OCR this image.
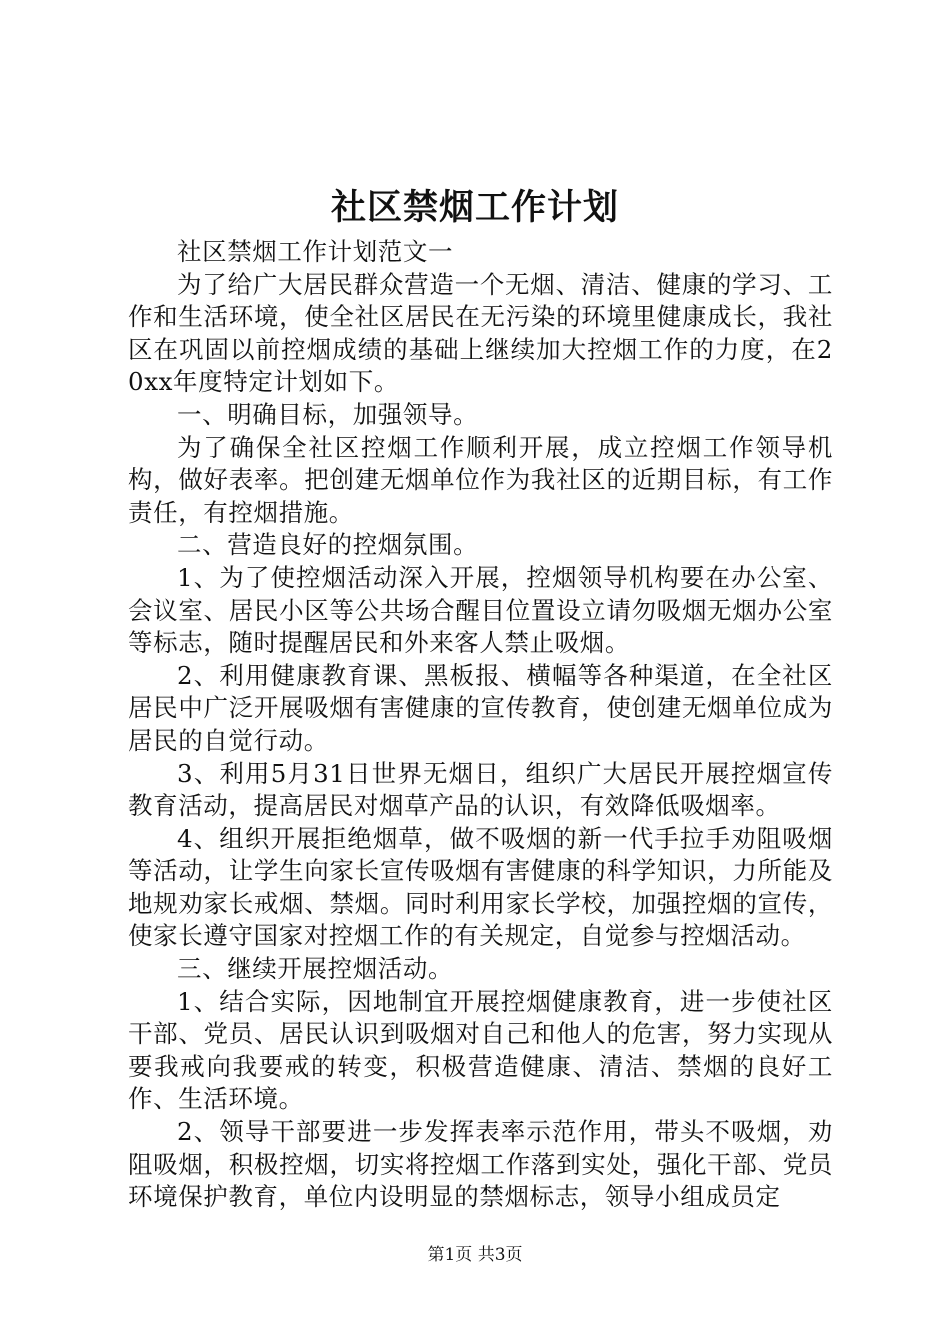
社区禁烟工作计划

社区禁烟工作计划范文一

为了给广大居民群众营造一个无烟、清洁、健康的学习、工作和生活环境，使全社区居民在无污染的环境里健康成长，我社区在巩固以前控烟成绩的基础上继续加大控烟工作的力度，在20xx年度特定计划如下。

一、明确目标，加强领导。

为了确保全社区控烟工作顺利开展，成立控烟工作领导机构，做好表率。把创建无烟单位作为我社区的近期目标，有工作责任，有控烟措施。

二、营造良好的控烟氛围。

1、为了使控烟活动深入开展，控烟领导机构要在办公室、会议室、居民小区等公共场合醒目位置设立请勿吸烟无烟办公室等标志，随时提醒居民和外来客人禁止吸烟。

2、利用健康教育课、黑板报、横幅等各种渠道，在全社区居民中广泛开展吸烟有害健康的宣传教育，使创建无烟单位成为居民的自觉行动。

3、利用5月31日世界无烟日，组织广大居民开展控烟宣传教育活动，提高居民对烟草产品的认识，有效降低吸烟率。

4、组织开展拒绝烟草，做不吸烟的新一代手拉手劝阻吸烟等活动，让学生向家长宣传吸烟有害健康的科学知识，力所能及地规劝家长戒烟、禁烟。同时利用家长学校，加强控烟的宣传，使家长遵守国家对控烟工作的有关规定，自觉参与控烟活动。

三、继续开展控烟活动。

1、结合实际，因地制宜开展控烟健康教育，进一步使社区干部、党员、居民认识到吸烟对自己和他人的危害，努力实现从要我戒向我要戒的转变，积极营造健康、清洁、禁烟的良好工作、生活环境。

2、领导干部要进一步发挥表率示范作用，带头不吸烟，劝阻吸烟，积极控烟，切实将控烟工作落到实处，强化干部、党员环境保护教育，单位内设明显的禁烟标志，领导小组成员定

第1页 共3页
